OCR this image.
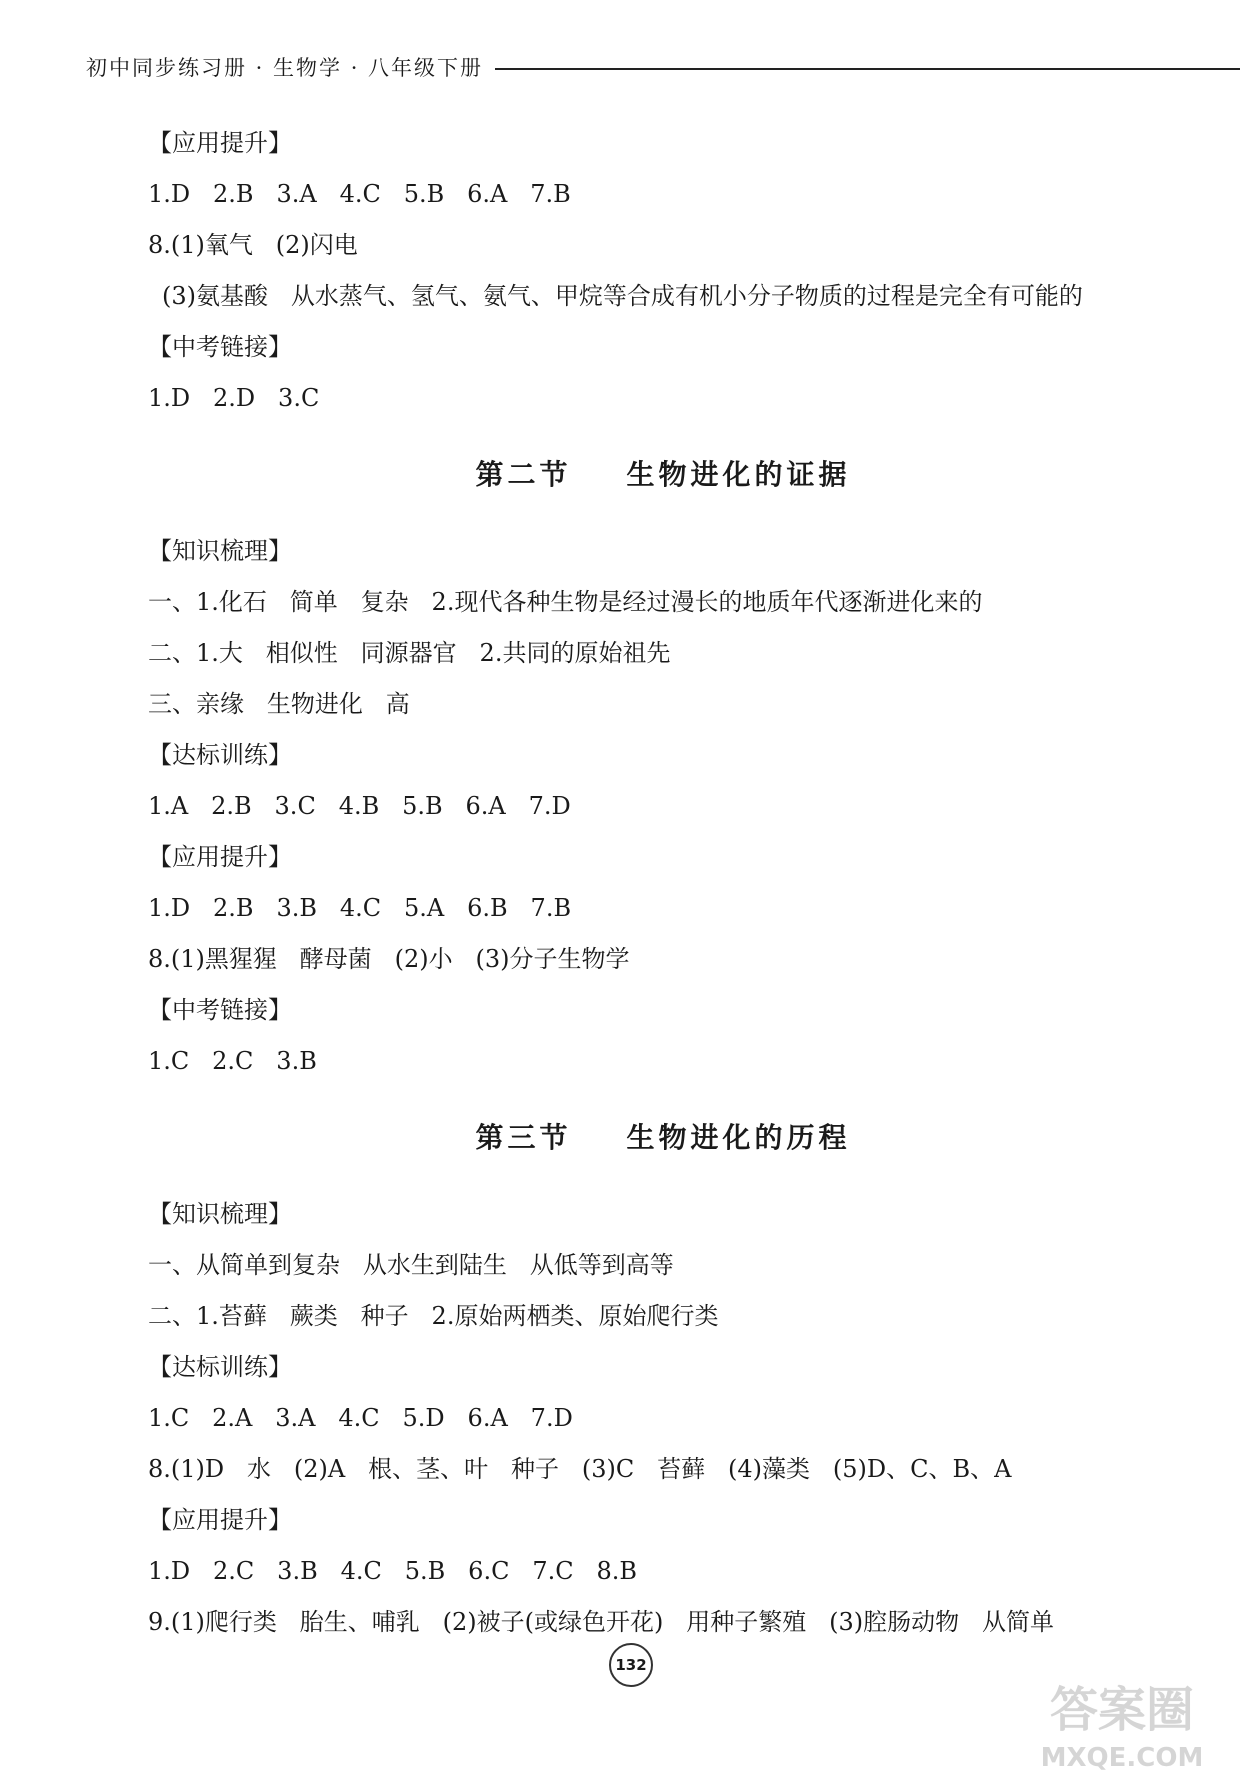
初中同步练习册 · 生物学 · 八年级下册
【应用提升】
1.D   2.B   3.A   4.C   5.B   6.A   7.B
8.(1)氧气   (2)闪电
(3)氨基酸   从水蒸气、氢气、氨气、甲烷等合成有机小分子物质的过程是完全有可能的
【中考链接】
1.D   2.D   3.C
第二节    生物进化的证据
【知识梳理】
一、1.化石   简单   复杂   2.现代各种生物是经过漫长的地质年代逐渐进化来的
二、1.大   相似性   同源器官   2.共同的原始祖先
三、亲缘   生物进化   高
【达标训练】
1.A   2.B   3.C   4.B   5.B   6.A   7.D
【应用提升】
1.D   2.B   3.B   4.C   5.A   6.B   7.B
8.(1)黑猩猩   酵母菌   (2)小   (3)分子生物学
【中考链接】
1.C   2.C   3.B
第三节    生物进化的历程
【知识梳理】
一、从简单到复杂   从水生到陆生   从低等到高等
二、1.苔藓   蕨类   种子   2.原始两栖类、原始爬行类
【达标训练】
1.C   2.A   3.A   4.C   5.D   6.A   7.D
8.(1)D   水   (2)A   根、茎、叶   种子   (3)C   苔藓   (4)藻类   (5)D、C、B、A
【应用提升】
1.D   2.C   3.B   4.C   5.B   6.C   7.C   8.B
9.(1)爬行类   胎生、哺乳   (2)被子(或绿色开花)   用种子繁殖   (3)腔肠动物   从简单
132
答案圈
MXQE.COM
